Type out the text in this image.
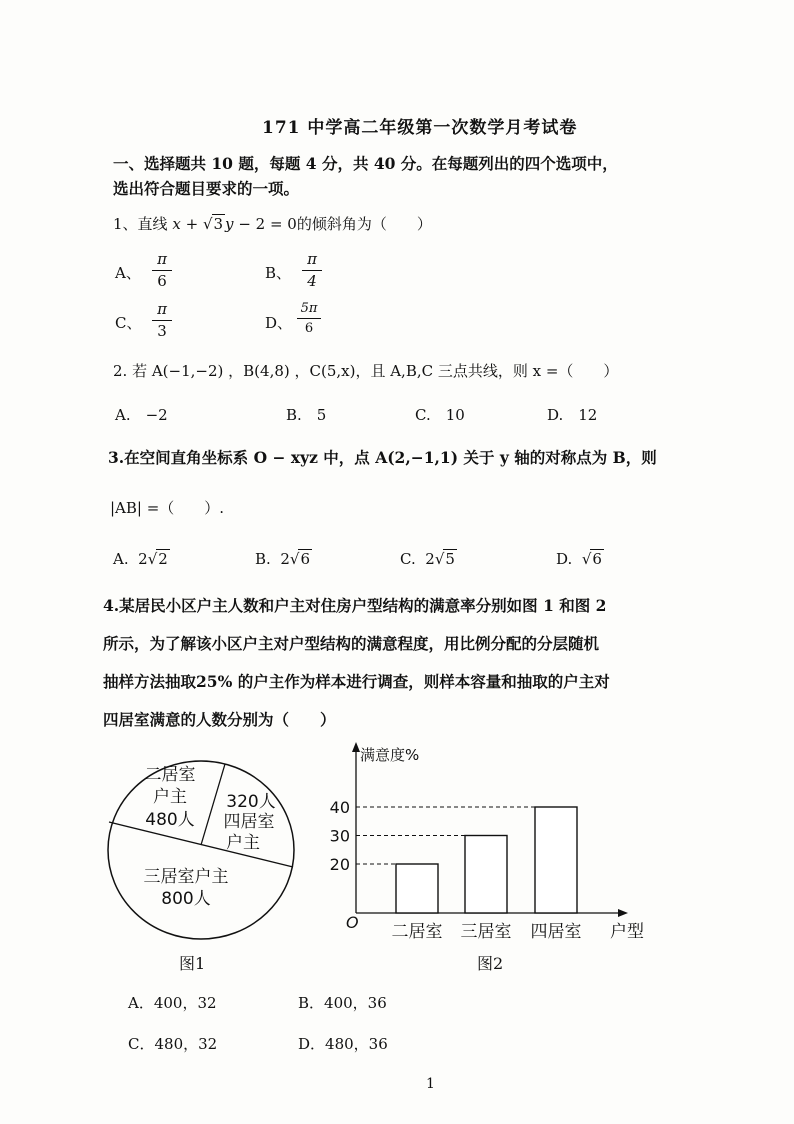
171 中学高二年级第一次数学月考试卷
一、选择题共 10 题，每题 4 分，共 40 分。在每题列出的四个选项中，
选出符合题目要求的一项。
1、直线 x + √3 y − 2 = 0的倾斜角为（　　）
A、
π
6	B、
π
4
C、
π
3	D、
5π
6
2. 若 A(−1,−2) ，B(4,8) ，C(5,x)，且 A,B,C 三点共线，则 x =（　　）
A.　−2	B.　5	C.　10	D.　12
3.在空间直角坐标系 O − xyz 中，点 A(2,−1,1) 关于 y 轴的对称点为 B，则
|AB| =（　　）.
A. 2√2	B. 2√6	C. 2√5	D. √6
4.某居民小区户主人数和户主对住房户型结构的满意率分别如图 1 和图 2
所示，为了解该小区户主对户型结构的满意程度，用比例分配的分层随机
抽样方法抽取25% 的户主作为样本进行调查，则样本容量和抽取的户主对
四居室满意的人数分别为（　　）
二居室
户主
480人
320人
四居室
户主
三居室户主
800人
图1
满意度%
O	户型
20
30
40
二居室 三居室 四居室
图2
A．400，32	B．400，36
C．480，32	D．480，36
1
